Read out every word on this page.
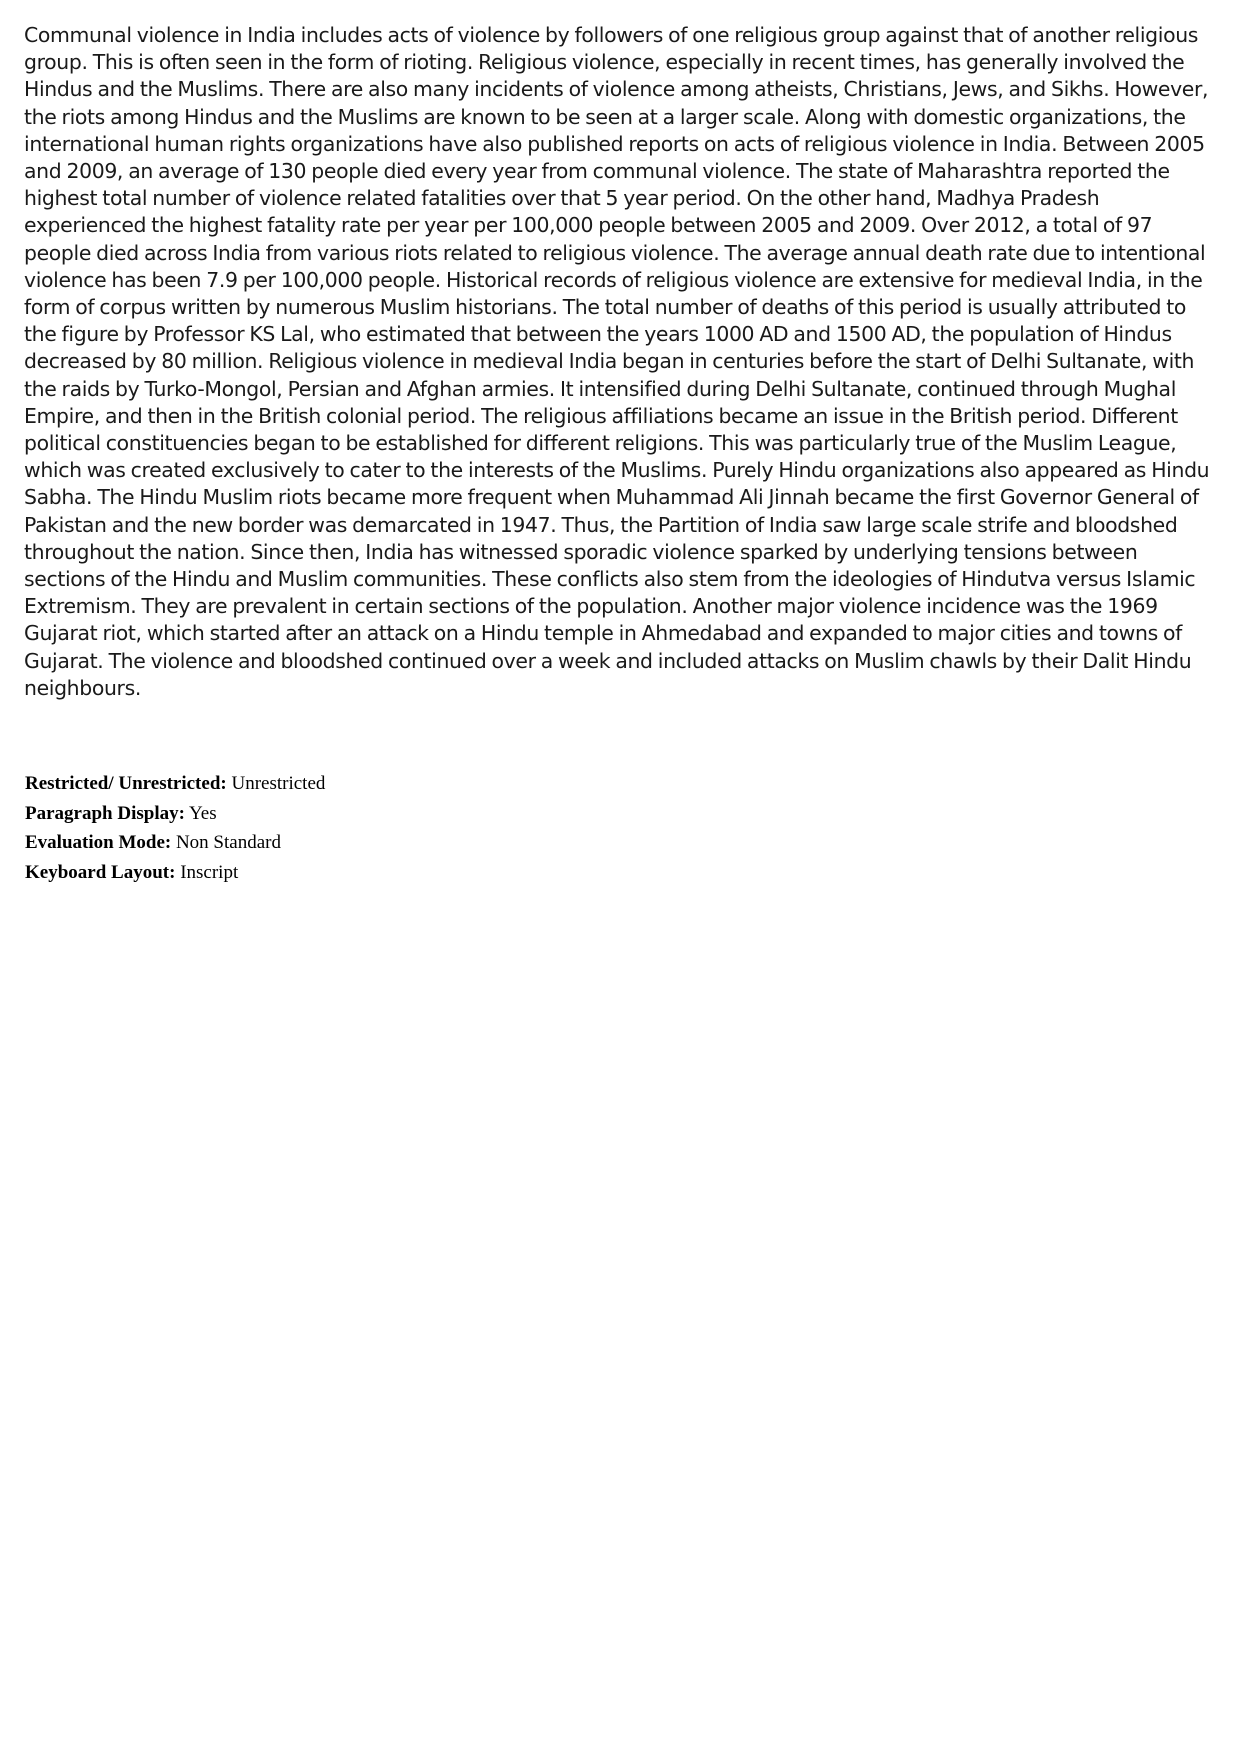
Communal violence in India includes acts of violence by followers of one religious group against that of another religious group. This is often seen in the form of rioting. Religious violence, especially in recent times, has generally involved the Hindus and the Muslims. There are also many incidents of violence among atheists, Christians, Jews, and Sikhs. However, the riots among Hindus and the Muslims are known to be seen at a larger scale. Along with domestic organizations, the international human rights organizations have also published reports on acts of religious violence in India. Between 2005 and 2009, an average of 130 people died every year from communal violence. The state of Maharashtra reported the highest total number of violence related fatalities over that 5 year period. On the other hand, Madhya Pradesh experienced the highest fatality rate per year per 100,000 people between 2005 and 2009. Over 2012, a total of 97 people died across India from various riots related to religious violence. The average annual death rate due to intentional violence has been 7.9 per 100,000 people. Historical records of religious violence are extensive for medieval India, in the form of corpus written by numerous Muslim historians. The total number of deaths of this period is usually attributed to the figure by Professor KS Lal, who estimated that between the years 1000 AD and 1500 AD, the population of Hindus decreased by 80 million. Religious violence in medieval India began in centuries before the start of Delhi Sultanate, with the raids by Turko-Mongol, Persian and Afghan armies. It intensified during Delhi Sultanate, continued through Mughal Empire, and then in the British colonial period. The religious affiliations became an issue in the British period. Different political constituencies began to be established for different religions. This was particularly true of the Muslim League, which was created exclusively to cater to the interests of the Muslims. Purely Hindu organizations also appeared as Hindu Sabha. The Hindu Muslim riots became more frequent when Muhammad Ali Jinnah became the first Governor General of Pakistan and the new border was demarcated in 1947. Thus, the Partition of India saw large scale strife and bloodshed throughout the nation. Since then, India has witnessed sporadic violence sparked by underlying tensions between sections of the Hindu and Muslim communities. These conflicts also stem from the ideologies of Hindutva versus Islamic Extremism. They are prevalent in certain sections of the population. Another major violence incidence was the 1969 Gujarat riot, which started after an attack on a Hindu temple in Ahmedabad and expanded to major cities and towns of Gujarat. The violence and bloodshed continued over a week and included attacks on Muslim chawls by their Dalit Hindu neighbours.

Restricted/ Unrestricted: Unrestricted
Paragraph Display: Yes
Evaluation Mode: Non Standard
Keyboard Layout: Inscript
